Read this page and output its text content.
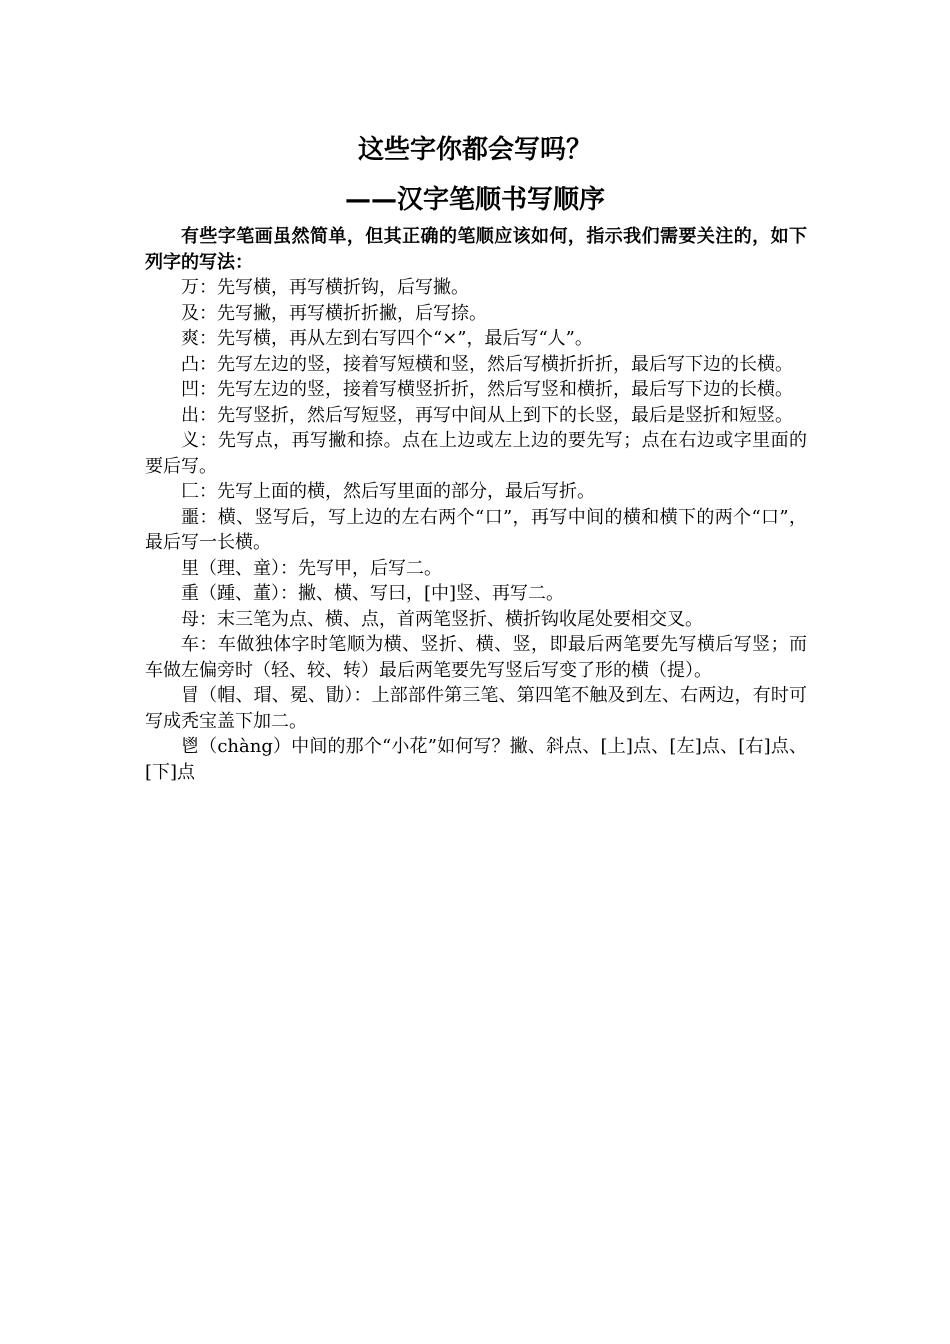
这些字你都会写吗？
——汉字笔顺书写顺序

有些字笔画虽然简单，但其正确的笔顺应该如何，指示我们需要关注的，如下列字的写法：

万：先写横，再写横折钩，后写撇。

及：先写撇，再写横折折撇，后写捺。

爽：先写横，再从左到右写四个“×”，最后写“人”。

凸：先写左边的竖，接着写短横和竖，然后写横折折折，最后写下边的长横。

凹：先写左边的竖，接着写横竖折折，然后写竖和横折，最后写下边的长横。

出：先写竖折，然后写短竖，再写中间从上到下的长竖，最后是竖折和短竖。

义：先写点，再写撇和捺。点在上边或左上边的要先写；点在右边或字里面的要后写。

匚：先写上面的横，然后写里面的部分，最后写折。

噩：横、竖写后，写上边的左右两个“口”，再写中间的横和横下的两个“口”，最后写一长横。

里（理、童）：先写甲，后写二。

重（踵、董）：撇、横、写曰，[中]竖、再写二。

母：末三笔为点、横、点，首两笔竖折、横折钩收尾处要相交叉。

车：车做独体字时笔顺为横、竖折、横、竖，即最后两笔要先写横后写竖；而车做左偏旁时（轻、较、转）最后两笔要先写竖后写变了形的横（提）。

冒（帽、瑁、冕、勖）：上部部件第三笔、第四笔不触及到左、右两边，有时可写成秃宝盖下加二。

鬯（chàng）中间的那个“小花”如何写？撇、斜点、[上]点、[左]点、[右]点、[下]点
